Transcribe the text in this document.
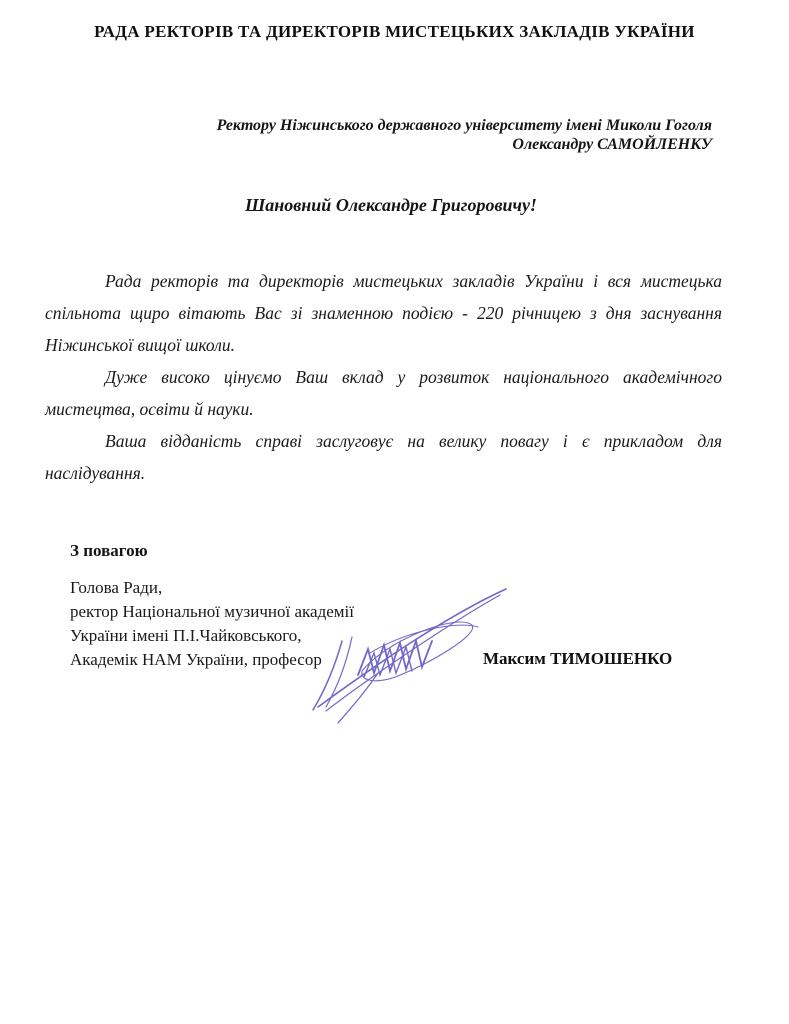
РАДА РЕКТОРІВ ТА ДИРЕКТОРІВ МИСТЕЦЬКИХ ЗАКЛАДІВ УКРАЇНИ
Ректору Ніжинського державного університету імені Миколи Гоголя
Олександру САМОЙЛЕНКУ
Шановний Олександре Григоровичу!

Рада ректорів та директорів мистецьких закладів України і вся мистецька спільнота щиро вітають Вас зі знаменною подією - 220 річницею з дня заснування Ніжинської вищої школи.

Дуже високо цінуємо Ваш вклад у розвиток національного академічного мистецтва, освіти й науки.

Ваша відданість справі заслуговує на велику повагу і є прикладом для наслідування.

З повагою
Голова Ради,
ректор Національної музичної академії
України імені П.І.Чайковського,
Академік НАМ України, професор	Максим ТИМОШЕНКО
